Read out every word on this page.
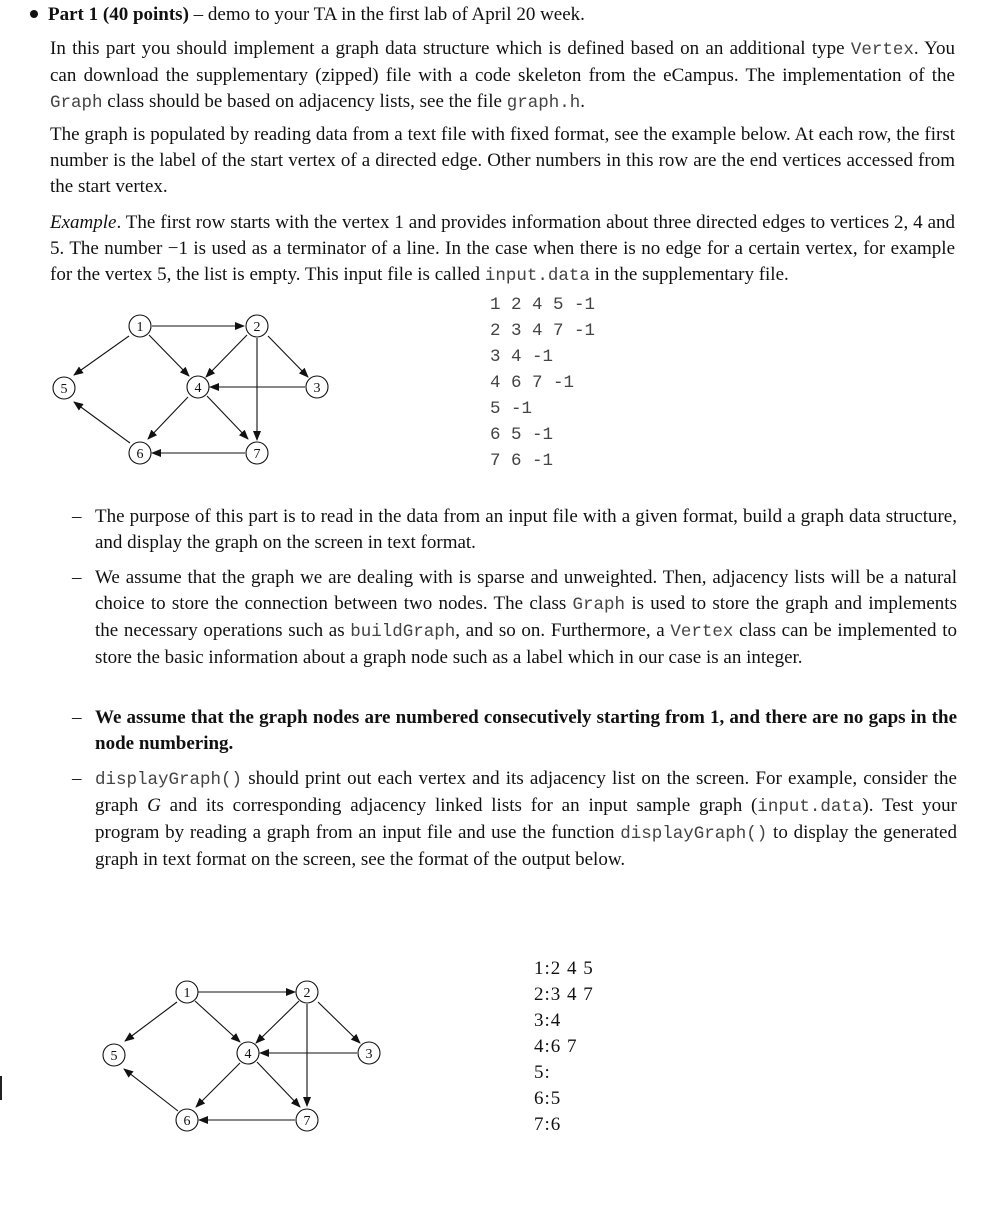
Part 1 (40 points) – demo to your TA in the first lab of April 20 week.

In this part you should implement a graph data structure which is defined based on an additional type Vertex. You can download the supplementary (zipped) file with a code skeleton from the eCampus. The implementation of the Graph class should be based on adjacency lists, see the file graph.h.

The graph is populated by reading data from a text file with fixed format, see the example below. At each row, the first number is the label of the start vertex of a directed edge. Other numbers in this row are the end vertices accessed from the start vertex.

Example. The first row starts with the vertex 1 and provides information about three directed edges to vertices 2, 4 and 5. The number −1 is used as a terminator of a line. In the case when there is no edge for a certain vertex, for example for the vertex 5, the list is empty. This input file is called input.data in the supplementary file.

1	2
3
4
5
6	7
1 2 4 5 -1
2 3 4 7 -1
3 4 -1
4 6 7 -1
5 -1
6 5 -1
7 6 -1
– The purpose of this part is to read in the data from an input file with a given format, build a graph data structure, and display the graph on the screen in text format.
– We assume that the graph we are dealing with is sparse and unweighted. Then, adjacency lists will be a natural choice to store the connection between two nodes. The class Graph is used to store the graph and implements the necessary operations such as buildGraph, and so on. Furthermore, a Vertex class can be implemented to store the basic information about a graph node such as a label which in our case is an integer.
– We assume that the graph nodes are numbered consecutively starting from 1, and there are no gaps in the node numbering.
– displayGraph() should print out each vertex and its adjacency list on the screen. For example, consider the graph G and its corresponding adjacency linked lists for an input sample graph (input.data). Test your program by reading a graph from an input file and use the function displayGraph() to display the generated graph in text format on the screen, see the format of the output below.
1	2
3
4
5
6	7
1:2 4 5
2:3 4 7
3:4
4:6 7
5:
6:5
7:6
